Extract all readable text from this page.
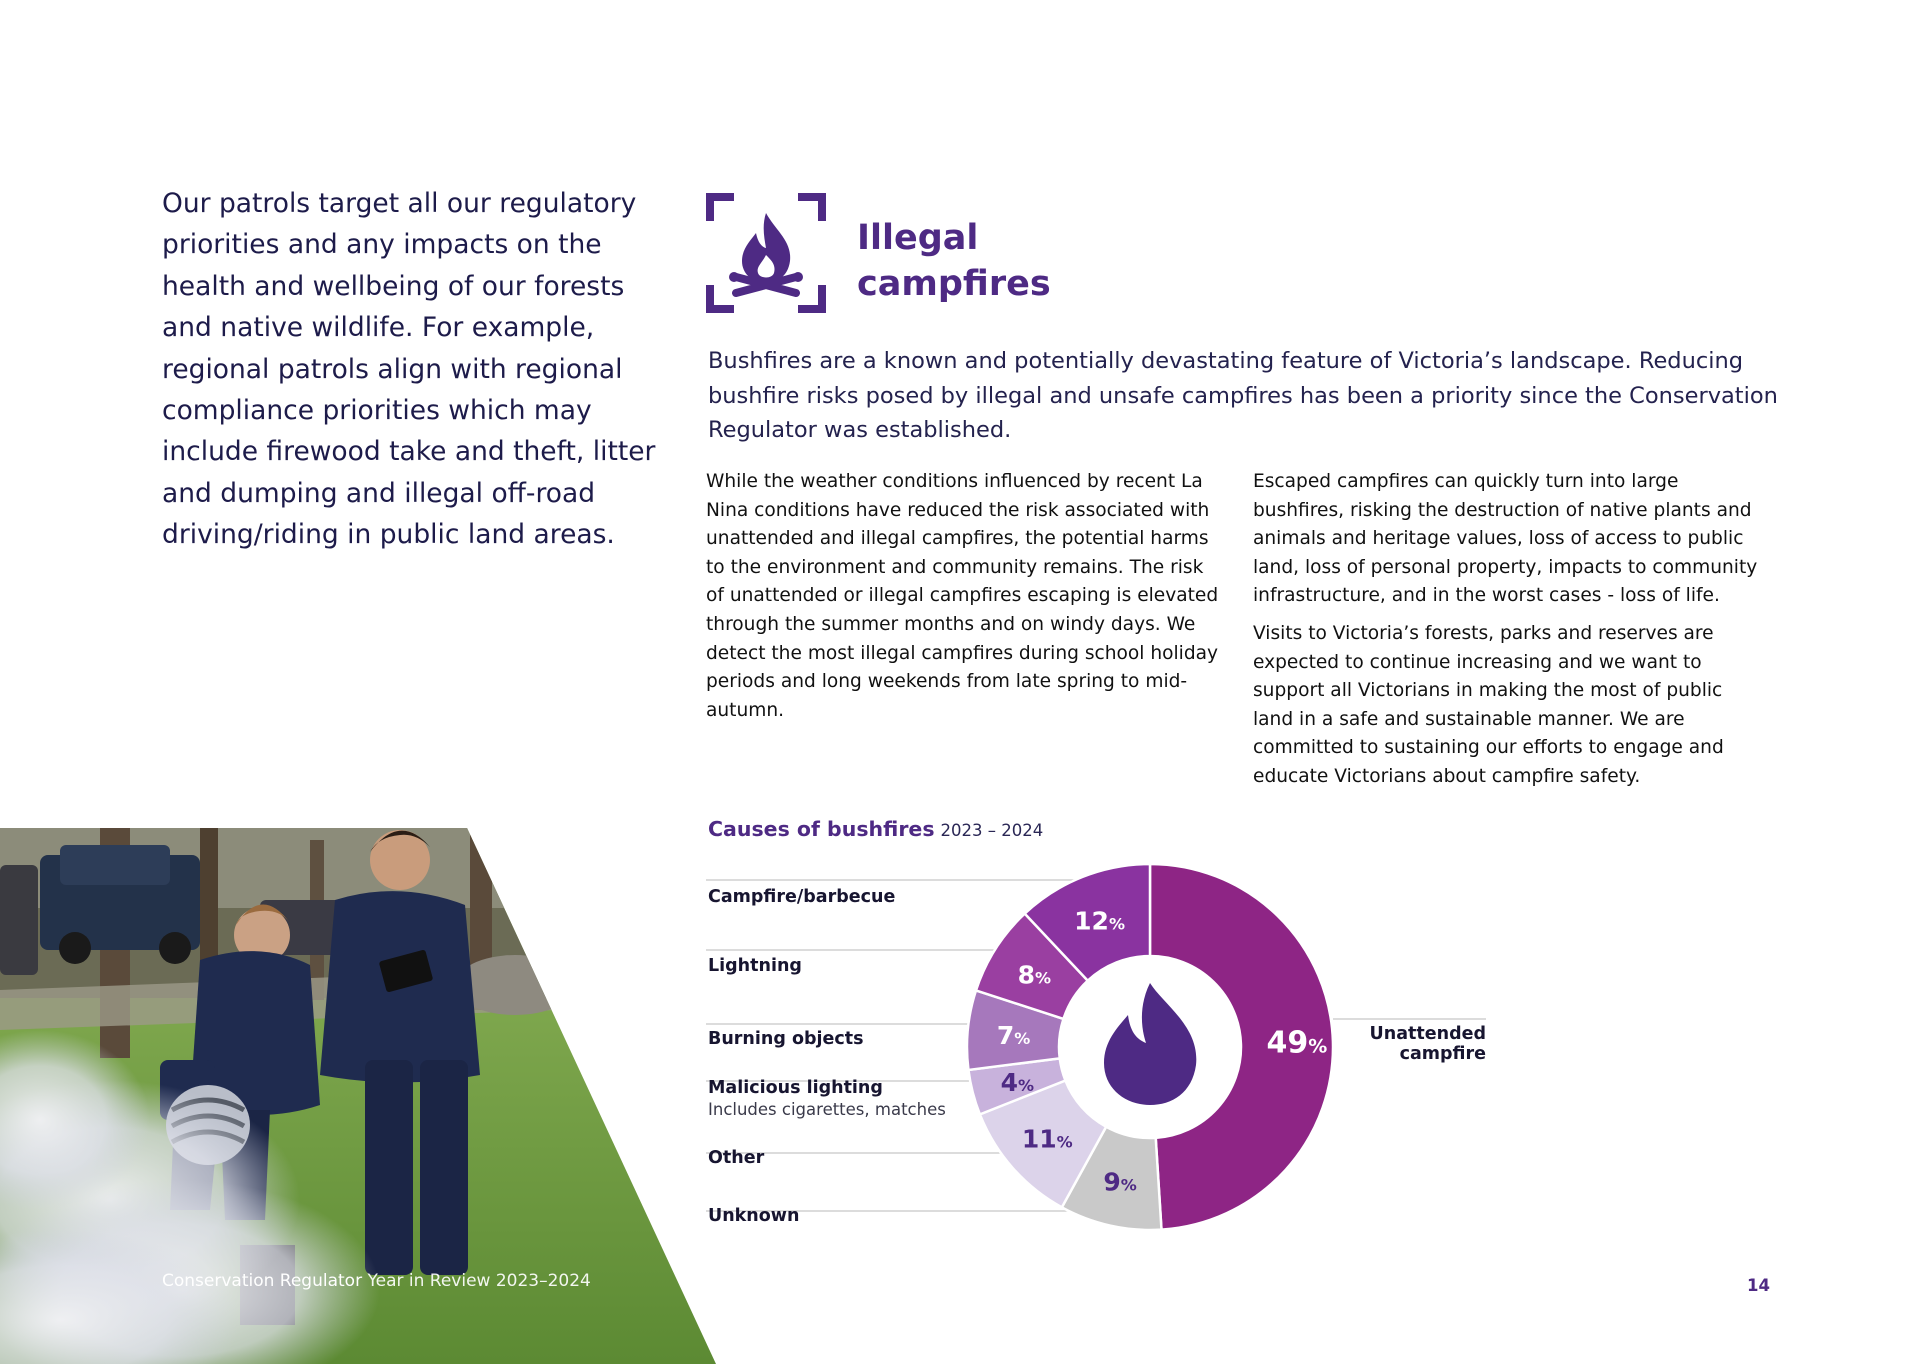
Our patrols target all our regulatory priorities and any impacts on the health and wellbeing of our forests and native wildlife. For example, regional patrols align with regional compliance priorities which may include firewood take and theft, litter and dumping and illegal off-road driving/riding in public land areas.

Illegal
campfires

Bushfires are a known and potentially devastating feature of Victoria’s landscape. Reducing bushfire risks posed by illegal and unsafe campfires has been a priority since the Conservation Regulator was established.

While the weather conditions influenced by recent La Nina conditions have reduced the risk associated with unattended and illegal campfires, the potential harms to the environment and community remains. The risk of unattended or illegal campfires escaping is elevated through the summer months and on windy days. We detect the most illegal campfires during school holiday periods and long weekends from late spring to mid-autumn.

Escaped campfires can quickly turn into large bushfires, risking the destruction of native plants and animals and heritage values, loss of access to public land, loss of personal property, impacts to community infrastructure, and in the worst cases - loss of life.

Visits to Victoria’s forests, parks and reserves are expected to continue increasing and we want to support all Victorians in making the most of public land in a safe and sustainable manner. We are committed to sustaining our efforts to engage and educate Victorians about campfire safety.

Causes of bushfires 2023 – 2024
49%
9%
11%
4%
7%
8%
12%
Campfire/barbecue
Lightning
Burning objects
Malicious lighting
Includes cigarettes, matches
Other
Unknown
Unattended campfire
Conservation Regulator Year in Review 2023–2024	14
